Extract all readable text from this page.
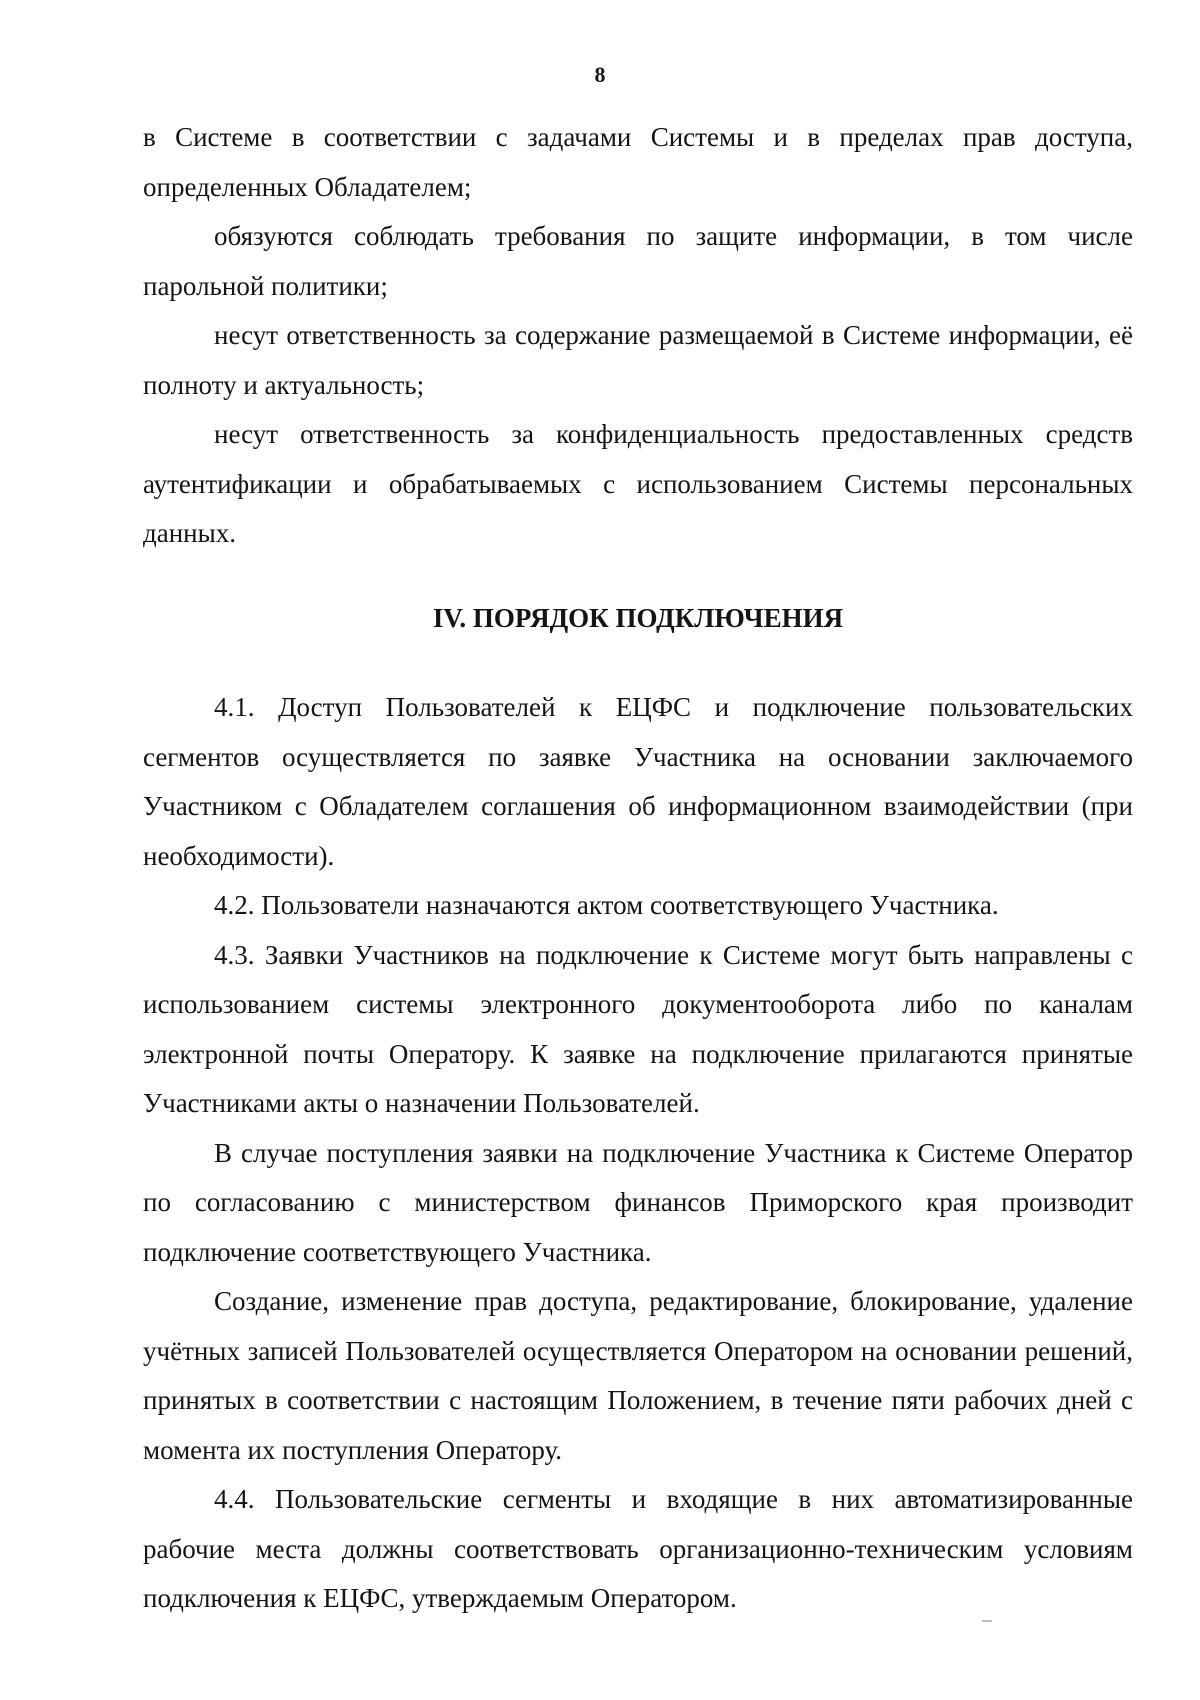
8

в Системе в соответствии с задачами Системы и в пределах прав доступа, определенных Обладателем;

обязуются соблюдать требования по защите информации, в том числе парольной политики;

несут ответственность за содержание размещаемой в Системе информации, её полноту и актуальность;

несут ответственность за конфиденциальность предоставленных средств аутентификации и обрабатываемых с использованием Системы персональных данных.

IV. ПОРЯДОК ПОДКЛЮЧЕНИЯ

4.1. Доступ Пользователей к ЕЦФС и подключение пользовательских сегментов осуществляется по заявке Участника на основании заключаемого Участником с Обладателем соглашения об информационном взаимодействии (при необходимости).

4.2. Пользователи назначаются актом соответствующего Участника.

4.3. Заявки Участников на подключение к Системе могут быть направлены с использованием системы электронного документооборота либо по каналам электронной почты Оператору. К заявке на подключение прилагаются принятые Участниками акты о назначении Пользователей.

В случае поступления заявки на подключение Участника к Системе Оператор по согласованию с министерством финансов Приморского края производит подключение соответствующего Участника.

Создание, изменение прав доступа, редактирование, блокирование, удаление учётных записей Пользователей осуществляется Оператором на основании решений, принятых в соответствии с настоящим Положением, в течение пяти рабочих дней с момента их поступления Оператору.

4.4. Пользовательские сегменты и входящие в них автоматизированные рабочие места должны соответствовать организационно-техническим условиям подключения к ЕЦФС, утверждаемым Оператором.
